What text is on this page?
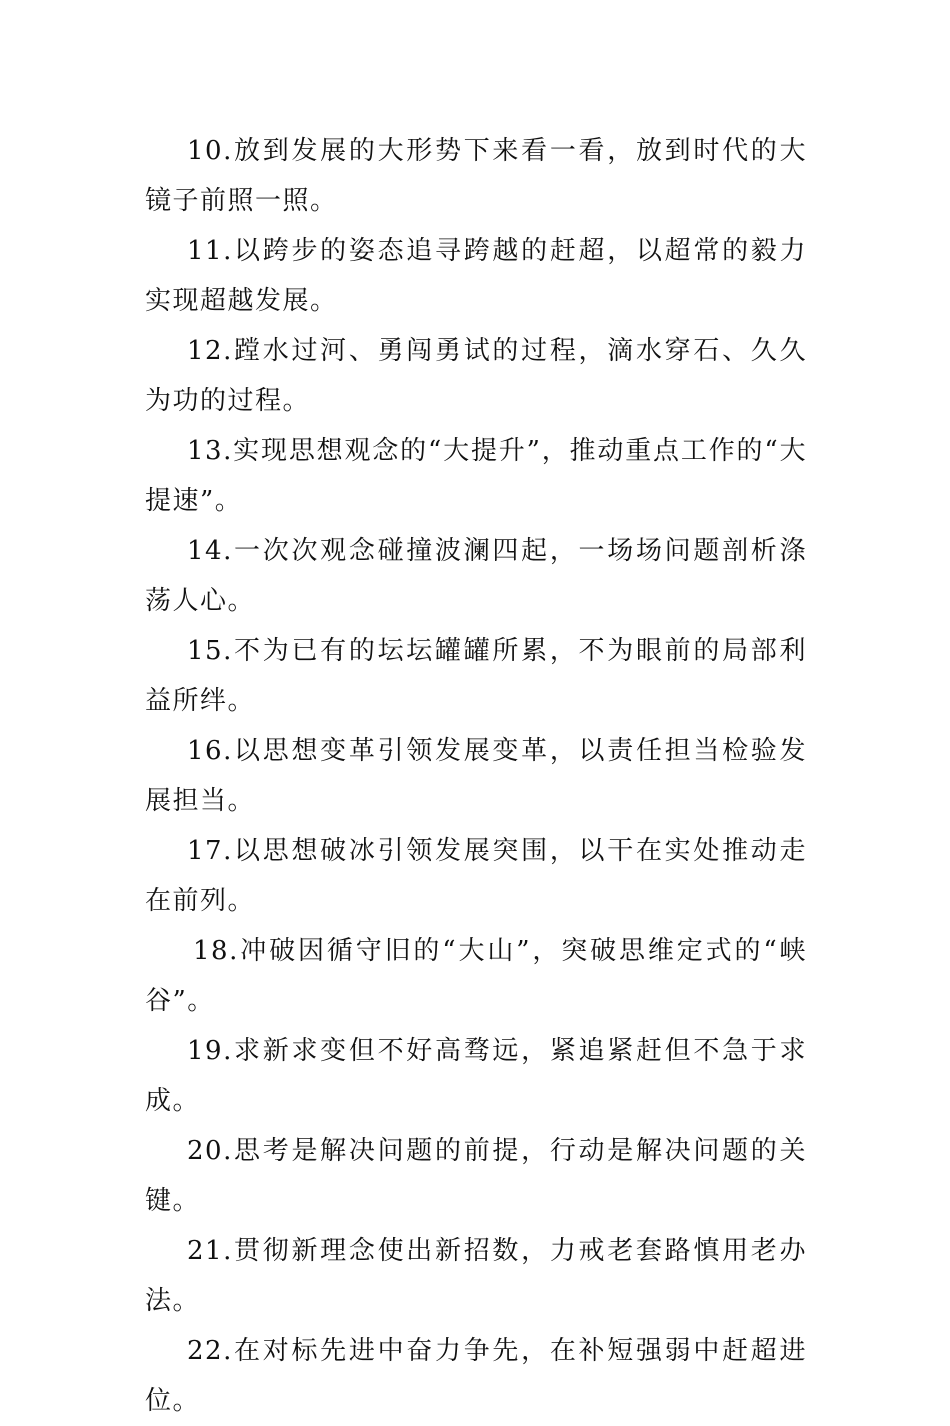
10.放到发展的大形势下来看一看，放到时代的大镜子前照一照。

11.以跨步的姿态追寻跨越的赶超，以超常的毅力实现超越发展。

12.蹚水过河、勇闯勇试的过程，滴水穿石、久久为功的过程。

13.实现思想观念的“大提升”，推动重点工作的“大提速”。

14.一次次观念碰撞波澜四起，一场场问题剖析涤荡人心。

15.不为已有的坛坛罐罐所累，不为眼前的局部利益所绊。

16.以思想变革引领发展变革，以责任担当检验发展担当。

17.以思想破冰引领发展突围，以干在实处推动走在前列。

18.冲破因循守旧的“大山”，突破思维定式的“峡谷”。

19.求新求变但不好高骛远，紧追紧赶但不急于求成。

20.思考是解决问题的前提，行动是解决问题的关键。

21.贯彻新理念使出新招数，力戒老套路慎用老办法。

22.在对标先进中奋力争先，在补短强弱中赶超进位。
